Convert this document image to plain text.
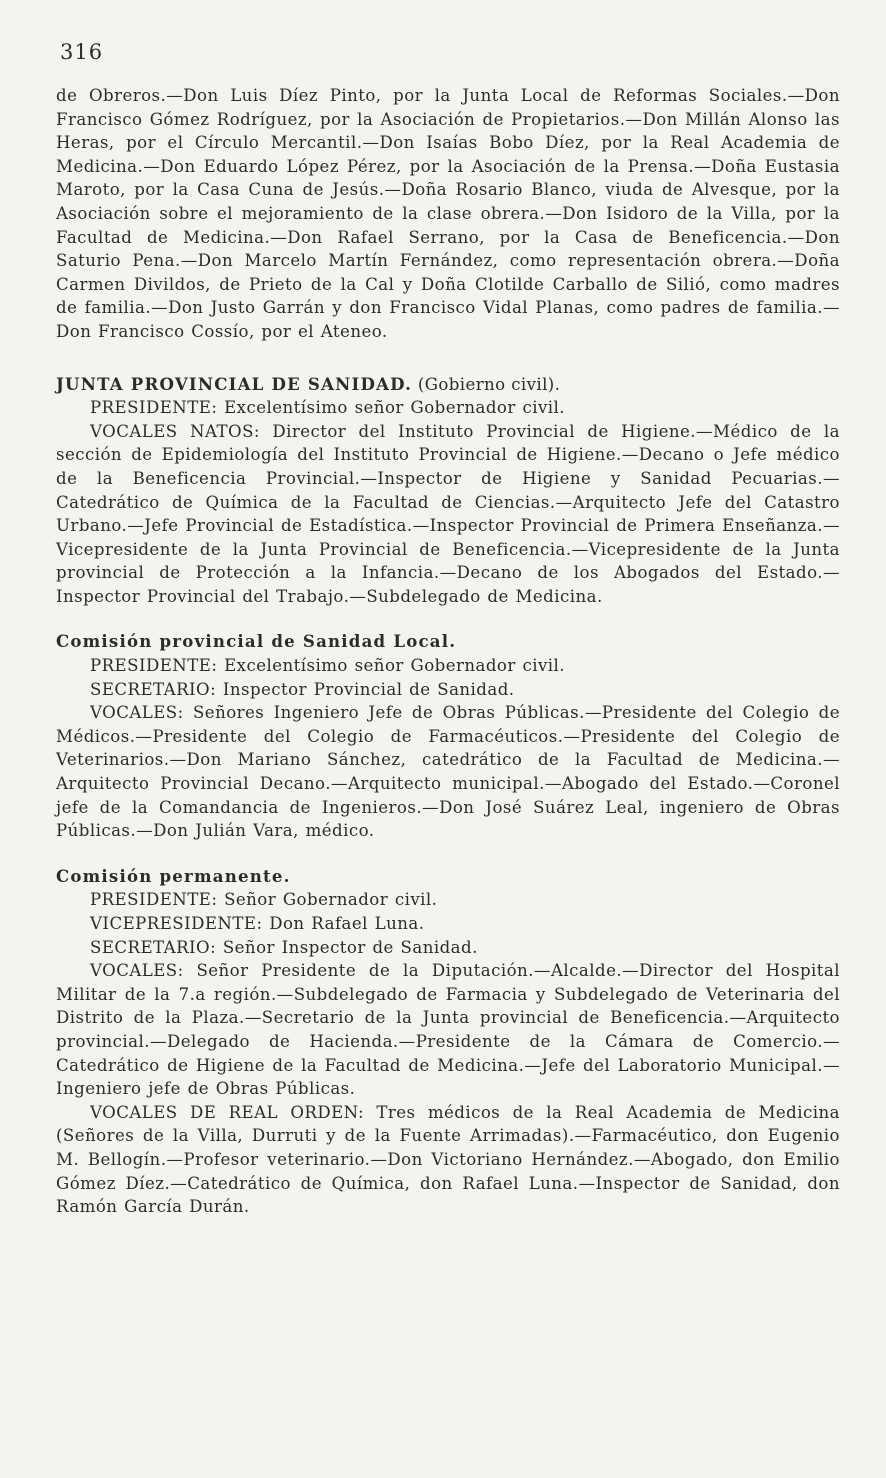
316

de Obreros.—Don Luis Díez Pinto, por la Junta Local de Reformas Sociales.—Don Francisco Gómez Rodríguez, por la Asociación de Propietarios.—Don Millán Alonso las Heras, por el Círculo Mercantil.—Don Isaías Bobo Díez, por la Real Academia de Medicina.—Don Eduardo López Pérez, por la Asociación de la Prensa.—Doña Eustasia Maroto, por la Casa Cuna de Jesús.—Doña Rosario Blanco, viuda de Alvesque, por la Asociación sobre el mejoramiento de la clase obrera.—Don Isidoro de la Villa, por la Facultad de Medicina.—Don Rafael Serrano, por la Casa de Beneficencia.—Don Saturio Pena.—Don Marcelo Martín Fernández, como representación obrera.—Doña Carmen Divildos, de Prieto de la Cal y Doña Clotilde Carballo de Silió, como madres de familia.—Don Justo Garrán y don Francisco Vidal Planas, como padres de familia.—Don Francisco Cossío, por el Ateneo.

JUNTA PROVINCIAL DE SANIDAD. (Gobierno civil).

PRESIDENTE: Excelentísimo señor Gobernador civil.

VOCALES NATOS: Director del Instituto Provincial de Higiene.—Médico de la sección de Epidemiología del Instituto Provincial de Higiene.—Decano o Jefe médico de la Beneficencia Provincial.—Inspector de Higiene y Sanidad Pecuarias.—Catedrático de Química de la Facultad de Ciencias.—Arquitecto Jefe del Catastro Urbano.—Jefe Provincial de Estadística.—Inspector Provincial de Primera Enseñanza.—Vicepresidente de la Junta Provincial de Beneficencia.—Vicepresidente de la Junta provincial de Protección a la Infancia.—Decano de los Abogados del Estado.—Inspector Provincial del Trabajo.—Subdelegado de Medicina.

Comisión provincial de Sanidad Local.

PRESIDENTE: Excelentísimo señor Gobernador civil.

SECRETARIO: Inspector Provincial de Sanidad.

VOCALES: Señores Ingeniero Jefe de Obras Públicas.—Presidente del Colegio de Médicos.—Presidente del Colegio de Farmacéuticos.—Presidente del Colegio de Veterinarios.—Don Mariano Sánchez, catedrático de la Facultad de Medicina.—Arquitecto Provincial Decano.—Arquitecto municipal.—Abogado del Estado.—Coronel jefe de la Comandancia de Ingenieros.—Don José Suárez Leal, ingeniero de Obras Públicas.—Don Julián Vara, médico.

Comisión permanente.

PRESIDENTE: Señor Gobernador civil.

VICEPRESIDENTE: Don Rafael Luna.

SECRETARIO: Señor Inspector de Sanidad.

VOCALES: Señor Presidente de la Diputación.—Alcalde.—Director del Hospital Militar de la 7.a región.—Subdelegado de Farmacia y Subdelegado de Veterinaria del Distrito de la Plaza.—Secretario de la Junta provincial de Beneficencia.—Arquitecto provincial.—Delegado de Hacienda.—Presidente de la Cámara de Comercio.—Catedrático de Higiene de la Facultad de Medicina.—Jefe del Laboratorio Municipal.—Ingeniero jefe de Obras Públicas.

VOCALES DE REAL ORDEN: Tres médicos de la Real Academia de Medicina (Señores de la Villa, Durruti y de la Fuente Arrimadas).—Farmacéutico, don Eugenio M. Bellogín.—Profesor veterinario.—Don Victoriano Hernández.—Abogado, don Emilio Gómez Díez.—Catedrático de Química, don Rafael Luna.—Inspector de Sanidad, don Ramón García Durán.
